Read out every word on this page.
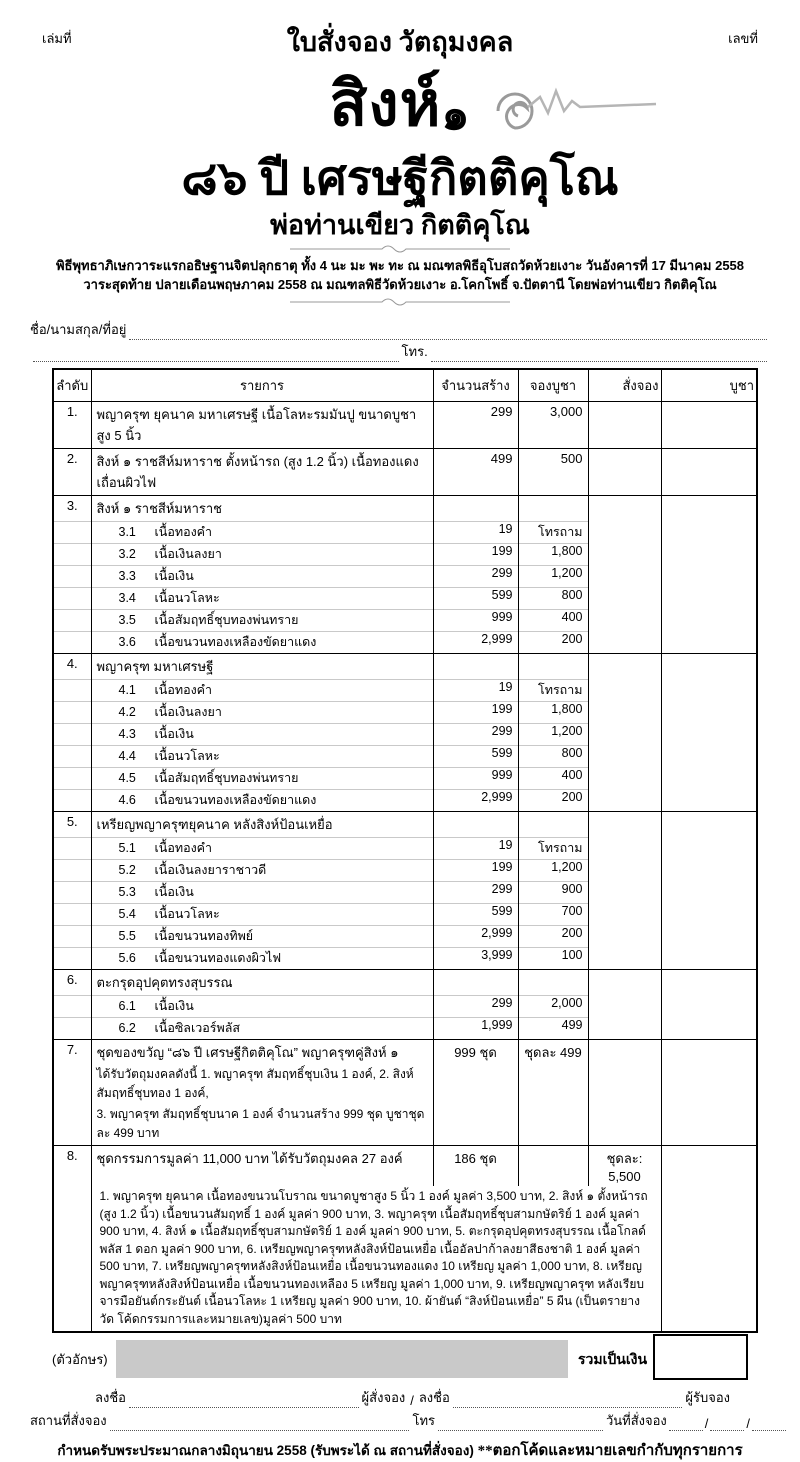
เล่มที่	ใบสั่งจอง วัตถุมงคล	เลขที่
สิงห์๑
๘๖ ปี เศรษฐีกิตติคุโณ
พ่อท่านเขียว กิตติคุโณ
พิธีพุทธาภิเษกวาระแรกอธิษฐานจิตปลุกธาตุ ทั้ง 4 นะ มะ พะ ทะ ณ มณฑลพิธีอุโบสถวัดห้วยเงาะ วันอังคารที่ 17 มีนาคม 2558
วาระสุดท้าย ปลายเดือนพฤษภาคม 2558 ณ มณฑลพิธีวัดห้วยเงาะ อ.โคกโพธิ์ จ.ปัตตานี โดยพ่อท่านเขียว กิตติคุโณ
ชื่อ/นามสกุล/ที่อยู่
โทร.
ลำดับ	รายการ	จำนวนสร้าง	จองบูชา	สั่งจอง	บูชา
1.	พญาครุฑ ยุคนาค มหาเศรษฐี เนื้อโลหะรมมันปู ขนาดบูชาสูง 5 นิ้ว	299	3,000		
2.	สิงห์ ๑ ราชสีห์มหาราช ตั้งหน้ารถ (สูง 1.2 นิ้ว) เนื้อทองแดงเถื่อนผิวไฟ	499	500		
3.	สิงห์ ๑ ราชสีห์มหาราช				
	3.1 เนื้อทองคำ	19	โทรถาม		
	3.2 เนื้อเงินลงยา	199	1,800		
	3.3 เนื้อเงิน	299	1,200		
	3.4 เนื้อนวโลหะ	599	800		
	3.5 เนื้อสัมฤทธิ์ชุบทองพ่นทราย	999	400		
	3.6 เนื้อขนวนทองเหลืองขัดยาแดง	2,999	200		
4.	พญาครุฑ มหาเศรษฐี				
	4.1 เนื้อทองคำ	19	โทรถาม		
	4.2 เนื้อเงินลงยา	199	1,800		
	4.3 เนื้อเงิน	299	1,200		
	4.4 เนื้อนวโลหะ	599	800		
	4.5 เนื้อสัมฤทธิ์ชุบทองพ่นทราย	999	400		
	4.6 เนื้อขนวนทองเหลืองขัดยาแดง	2,999	200		
5.	เหรียญพญาครุฑยุคนาค หลังสิงห์ป้อนเหยื่อ				
	5.1 เนื้อทองคำ	19	โทรถาม		
	5.2 เนื้อเงินลงยาราชาวดี	199	1,200		
	5.3 เนื้อเงิน	299	900		
	5.4 เนื้อนวโลหะ	599	700		
	5.5 เนื้อขนวนทองทิพย์	2,999	200		
	5.6 เนื้อขนวนทองแดงผิวไฟ	3,999	100		
6.	ตะกรุดอุปคุตทรงสุบรรณ				
	6.1 เนื้อเงิน	299	2,000		
	6.2 เนื้อซิลเวอร์พลัส	1,999	499		
7.	ชุดของขวัญ “๘๖ ปี เศรษฐีกิตติคุโณ” พญาครุฑคู่สิงห์ ๑	999 ชุด	ชุดละ 499		
	ได้รับวัตถุมงคลดังนี้ 1. พญาครุฑ สัมฤทธิ์ชุบเงิน 1 องค์, 2. สิงห์ สัมฤทธิ์ชุบทอง 1 องค์,				
	3. พญาครุฑ สัมฤทธิ์ชุบนาค 1 องค์ จำนวนสร้าง 999 ชุด บูชาชุดละ 499 บาท				
8.	ชุดกรรมการมูลค่า 11,000 บาท ได้รับวัตถุมงคล 27 องค์	186 ชุด		ชุดละ: 5,500	
	1. พญาครุฑ ยุคนาค เนื้อทองขนวนโบราณ ขนาดบูชาสูง 5 นิ้ว 1 องค์ มูลค่า 3,500 บาท, 2. สิงห์ ๑ ตั้งหน้ารถ (สูง 1.2 นิ้ว) เนื้อขนวนสัมฤทธิ์ 1 องค์ มูลค่า 900 บาท, 3. พญาครุฑ เนื้อสัมฤทธิ์ชุบสามกษัตริย์ 1 องค์ มูลค่า 900 บาท, 4. สิงห์ ๑ เนื้อสัมฤทธิ์ชุบสามกษัตริย์ 1 องค์ มูลค่า 900 บาท, 5. ตะกรุดอุปคุตทรงสุบรรณ เนื้อโกลด์พลัส 1 ดอก มูลค่า 900 บาท, 6. เหรียญพญาครุฑหลังสิงห์ป้อนเหยื่อ เนื้ออัลปาก้าลงยาสีธงชาติ 1 องค์ มูลค่า 500 บาท, 7. เหรียญพญาครุฑหลังสิงห์ป้อนเหยื่อ เนื้อขนวนทองแดง 10 เหรียญ มูลค่า 1,000 บาท, 8. เหรียญ พญาครุฑหลังสิงห์ป้อนเหยื่อ เนื้อขนวนทองเหลือง 5 เหรียญ มูลค่า 1,000 บาท, 9. เหรียญพญาครุฑ หลังเรียบจารมือยันต์กระยันต์ เนื้อนวโลหะ 1 เหรียญ มูลค่า 900 บาท, 10. ผ้ายันต์ “สิงห์ป้อนเหยื่อ” 5 ผืน (เป็นตรายางวัด โค้ดกรรมการและหมายเลข)มูลค่า 500 บาท				
(ตัวอักษร)	รวมเป็นเงิน
ลงชื่อ	ผู้สั่งจอง / ลงชื่อ	ผู้รับจอง
สถานที่สั่งจอง	โทร	วันที่สั่งจอง	/	/
กำหนดรับพระประมาณกลางมิถุนายน 2558 (รับพระได้ ณ สถานที่สั่งจอง) **ตอกโค้ดและหมายเลขกำกับทุกรายการ
